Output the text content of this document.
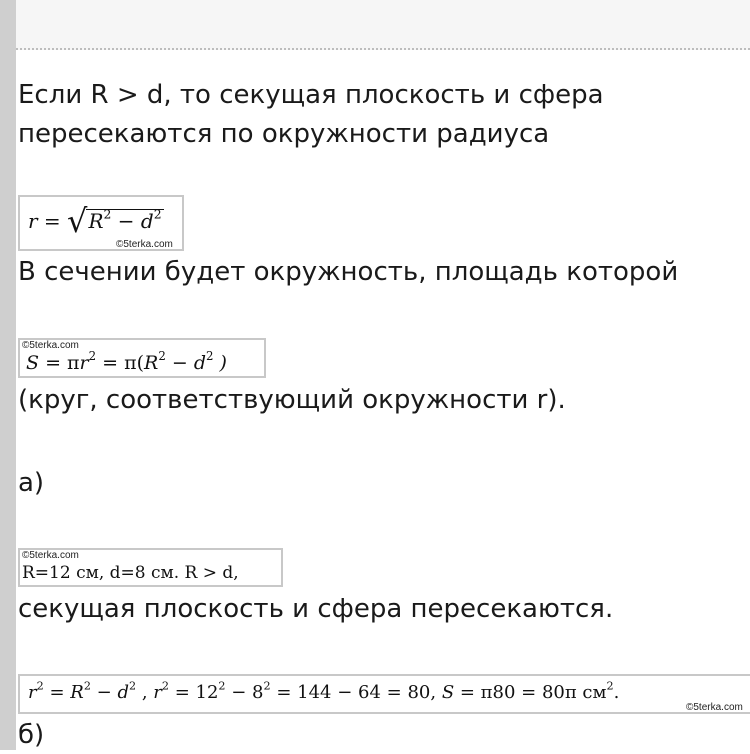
Если R > d, то секущая плоскость и сфера
пересекаются по окружности радиуса
$r = √R^2 - d^2$
©5terka.com
В сечении будет окружность, площадь которой
©5terka.com
$S = \pi r^2 = \pi(R^2 - d^2$ )
(круг, соответствующий окружности r).
а)
©5terka.com
R=12 см, d=8 см. R > d,
секущая плоскость и сфера пересекаются.
$r^2 = R^2 - d^2$ , $r^2 = 12^2 - 8^2 = 144 - 64 = 80$, S = π80 = 80π $см^2$.
©5terka.com
б)
